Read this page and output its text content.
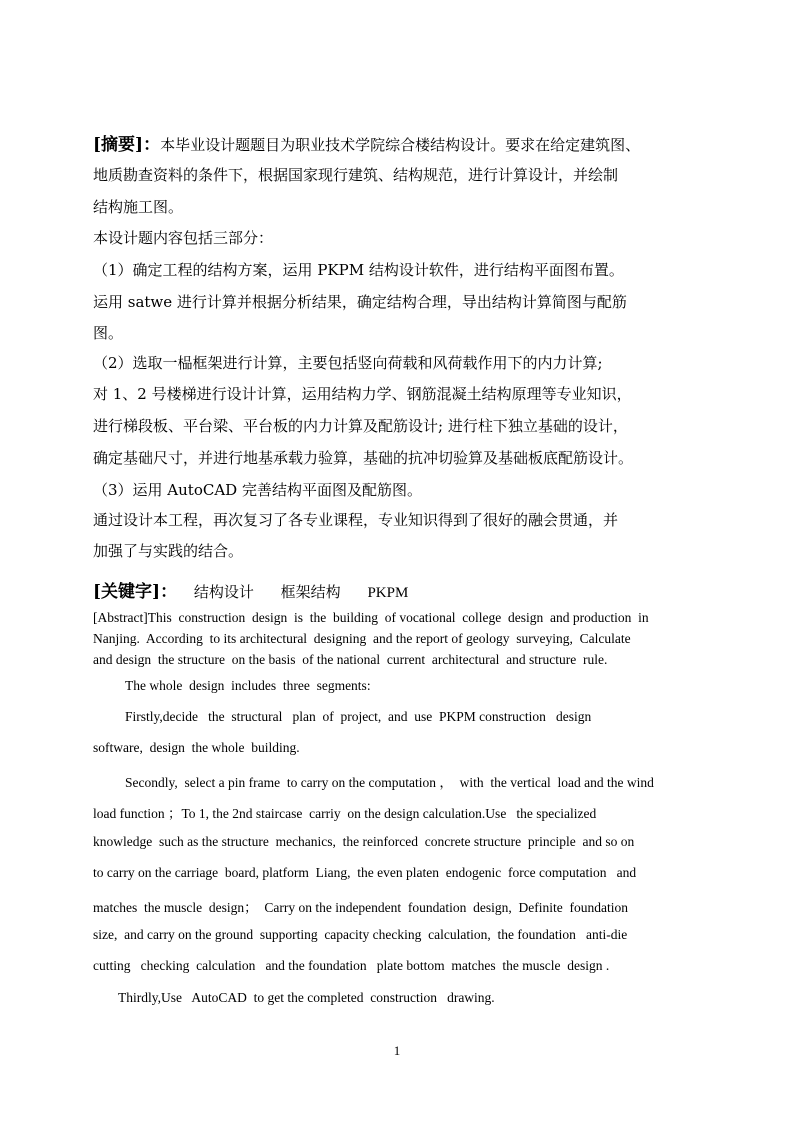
[摘要]：本毕业设计题题目为职业技术学院综合楼结构设计。要求在给定建筑图、
地质勘查资料的条件下，根据国家现行建筑、结构规范，进行计算设计，并绘制
结构施工图。
本设计题内容包括三部分：
（1）确定工程的结构方案，运用 PKPM 结构设计软件，进行结构平面图布置。
运用 satwe 进行计算并根据分析结果，确定结构合理，导出结构计算简图与配筋
图。
（2）选取一榀框架进行计算，主要包括竖向荷载和风荷载作用下的内力计算;
对 1、2 号楼梯进行设计计算，运用结构力学、钢筋混凝土结构原理等专业知识，
进行梯段板、平台梁、平台板的内力计算及配筋设计; 进行柱下独立基础的设计，
确定基础尺寸，并进行地基承载力验算，基础的抗冲切验算及基础板底配筋设计。
（3）运用 AutoCAD 完善结构平面图及配筋图。
通过设计本工程，再次复习了各专业课程，专业知识得到了很好的融会贯通，并
加强了与实践的结合。
[关键字]： 结构设计 框架结构 PKPM
[Abstract]This  construction  design  is  the  building  of vocational  college  design  and production  in
Nanjing.  According  to its architectural  designing  and the report of geology  surveying,  Calculate
and design  the structure  on the basis  of the national  current  architectural  and structure  rule.
The whole  design  includes  three  segments:
Firstly,decide   the  structural   plan  of  project,  and  use  PKPM construction   design
software,  design  the whole  building.
Secondly,  select a pin frame  to carry on the computation ，  with  the vertical  load and the wind
load function ；To 1, the 2nd staircase  carriy  on the design calculation.Use   the specialized
knowledge  such as the structure  mechanics,  the reinforced  concrete structure  principle  and so on
to carry on the carriage  board, platform  Liang,  the even platen  endogenic  force computation   and
matches  the muscle  design；  Carry on the independent  foundation  design,  Definite  foundation
size,  and carry on the ground  supporting  capacity checking  calculation,  the foundation   anti-die
cutting   checking  calculation   and the foundation   plate bottom  matches  the muscle  design .
Thirdly,Use   AutoCAD  to get the completed  construction   drawing.
1
